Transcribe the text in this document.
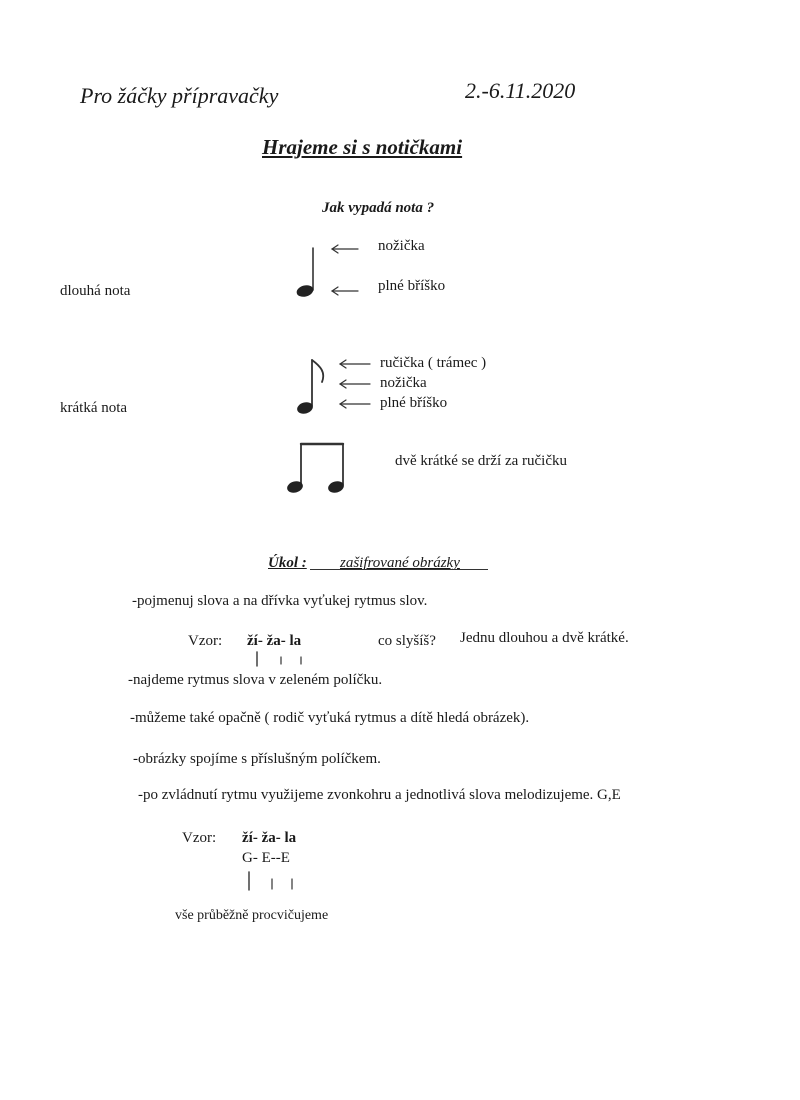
Pro žáčky přípravačky	2.-6.11.2020
Hrajeme si s notičkami
Jak vypadá nota ?
dlouhá nota
nožička
plné bříško
krátká nota
ručička ( trámec )
nožička
plné bříško
dvě krátké se drží za ručičku
Úkol : zašifrované obrázky
-pojmenuj slova a na dřívka vyťukej rytmus slov.
Vzor: ží- ža- la	co slyšíš? Jednu dlouhou a dvě krátké.
-najdeme rytmus slova v zeleném políčku.
-můžeme také opačně ( rodič vyťuká rytmus a dítě hledá obrázek).
-obrázky spojíme s příslušným políčkem.
-po zvládnutí rytmu využijeme zvonkohru a jednotlivá slova melodizujeme. G,E
Vzor: ží- ža- la
G- E--E
vše průběžně procvičujeme
